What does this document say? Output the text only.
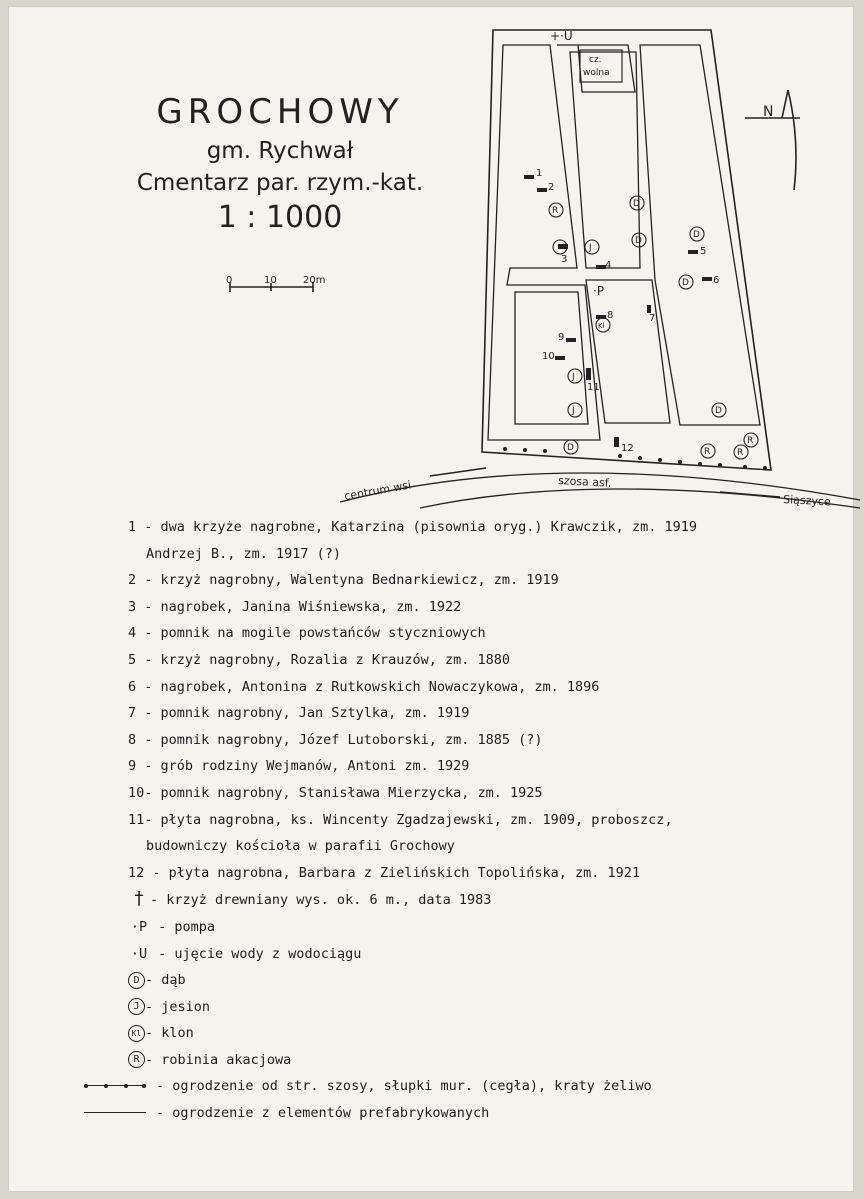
GROCHOWY
gm. Rychwał
Cmentarz par. rzym.-kat.
1 : 1000
1
2
3
4
5
6
7
8
9
10
11
12
·P
+·U
cz.
wolna
N
R
D
D
J
D
D
Kl
J
J	D
D	R	R
R
centrum wsi	szosa asf.
Siąszyce
0	10	20m
1 - dwa krzyże nagrobne, Katarzina (pisownia oryg.) Krawczik, zm. 1919
Andrzej B., zm. 1917 (?)
2 - krzyż nagrobny, Walentyna Bednarkiewicz, zm. 1919
3 - nagrobek, Janina Wiśniewska, zm. 1922
4 - pomnik na mogile powstańców styczniowych
5 - krzyż nagrobny, Rozalia z Krauzów, zm. 1880
6 - nagrobek, Antonina z Rutkowskich Nowaczykowa, zm. 1896
7 - pomnik nagrobny, Jan Sztylka, zm. 1919
8 - pomnik nagrobny, Józef Lutoborski, zm. 1885 (?)
9 - grób rodziny Wejmanów, Antoni zm. 1929
10- pomnik nagrobny, Stanisława Mierzycka, zm. 1925
11- płyta nagrobna, ks. Wincenty Zgadzajewski, zm. 1909, proboszcz,
budowniczy kościoła w parafii Grochowy
12 - płyta nagrobna, Barbara z Zielińskich Topolińska, zm. 1921
† - krzyż drewniany wys. ok. 6 m., data 1983
·P - pompa
·U - ujęcie wody z wodociągu
D - dąb
J - jesion
Kl - klon
R - robinia akacjowa
- ogrodzenie od str. szosy, słupki mur. (cegła), kraty żeliwo
- ogrodzenie z elementów prefabrykowanych
